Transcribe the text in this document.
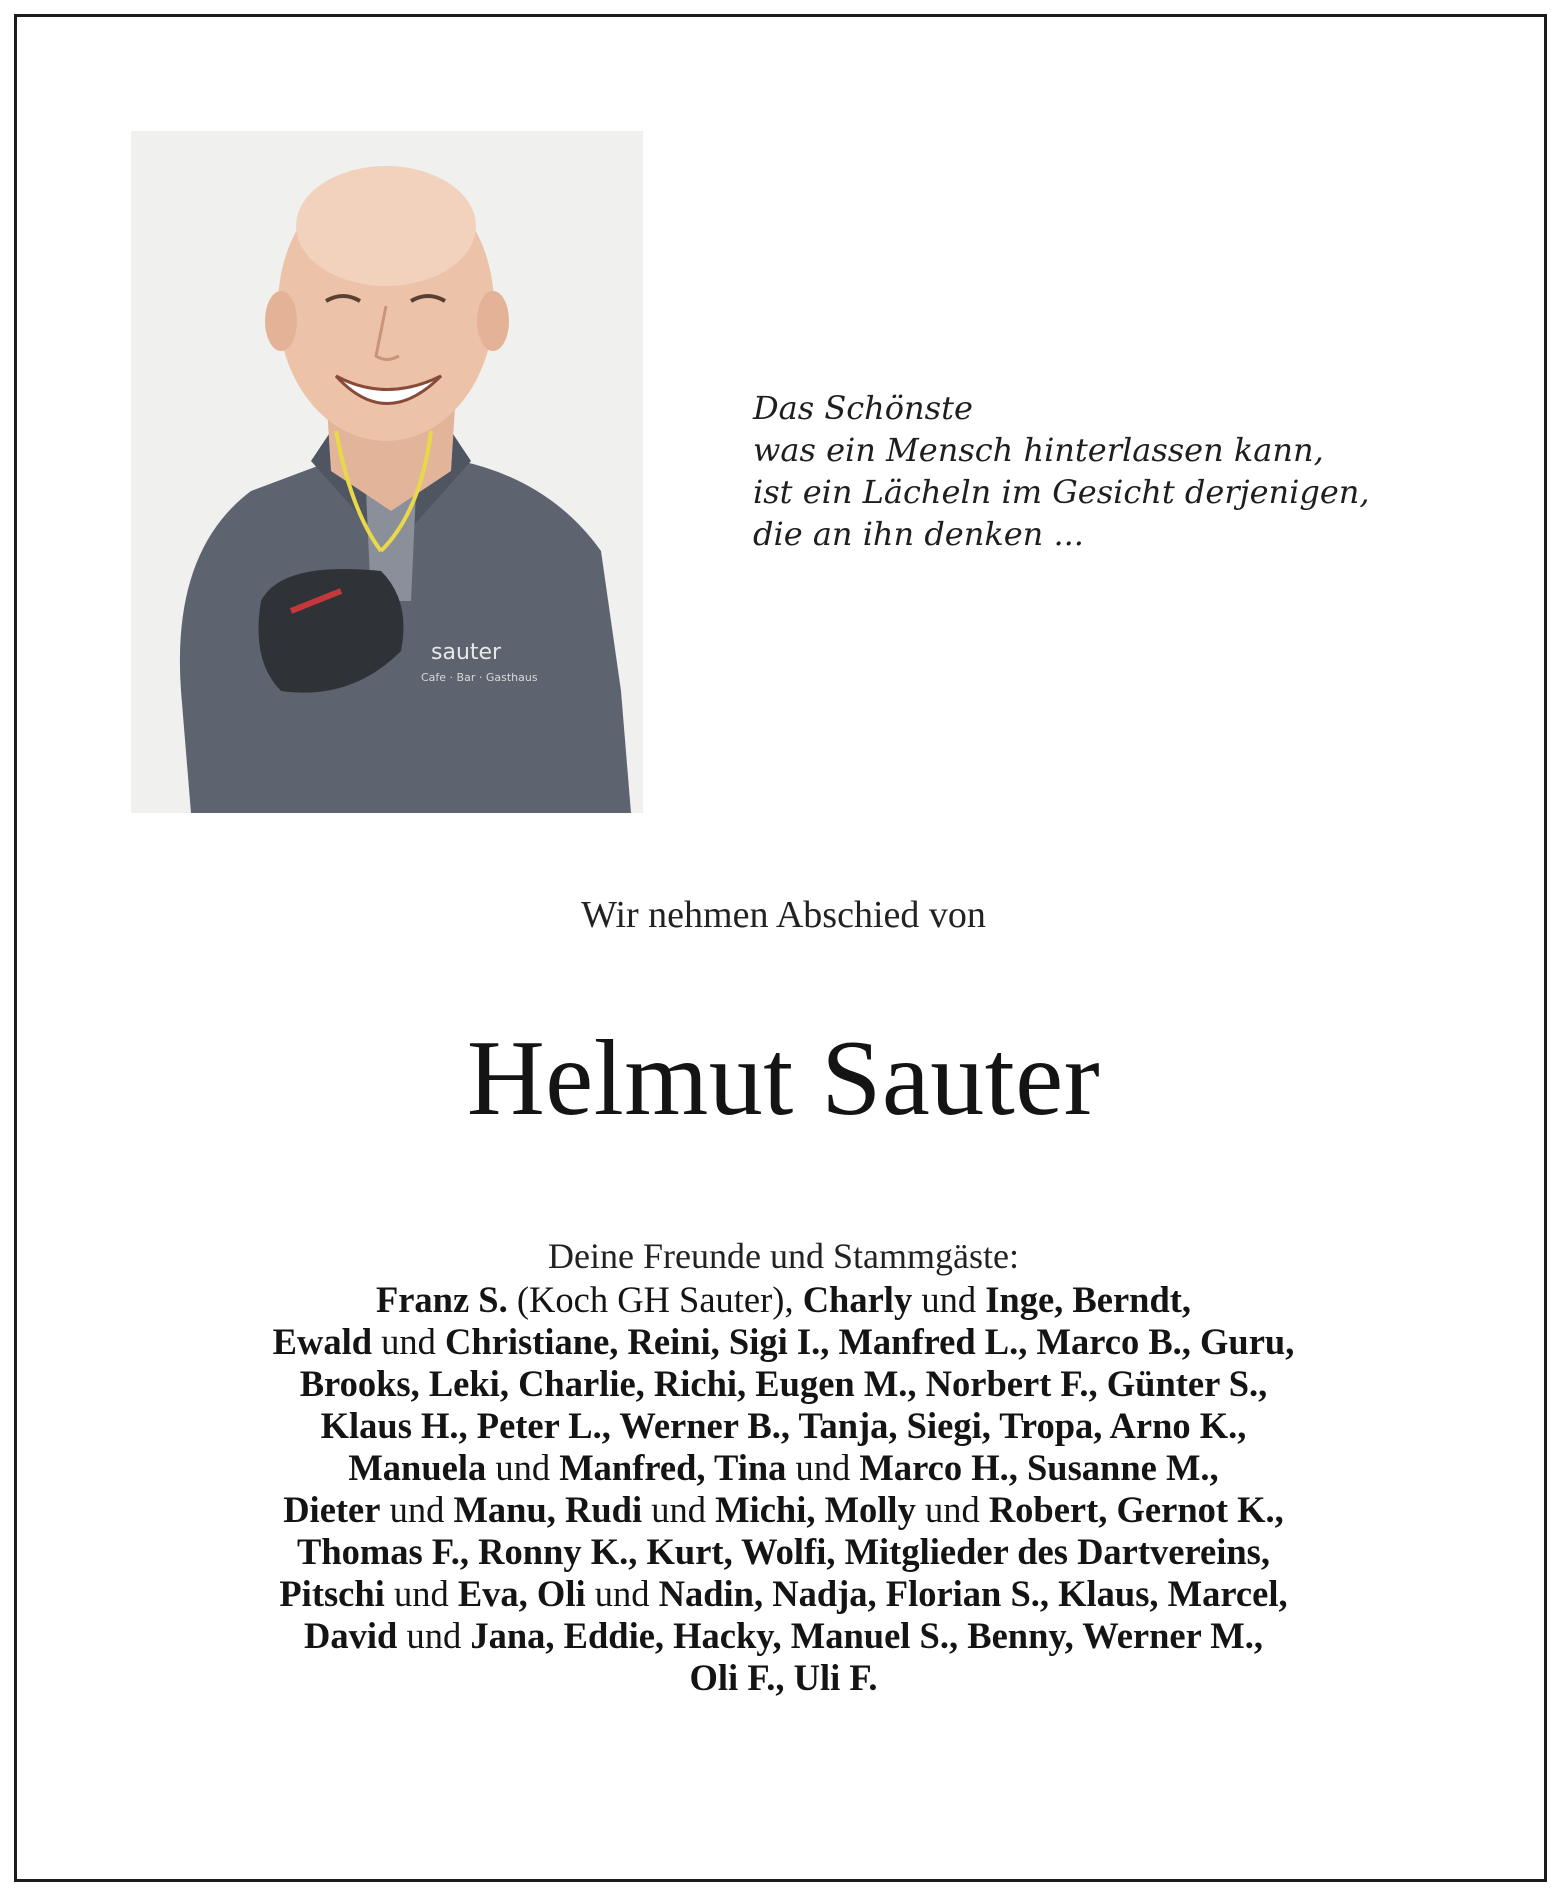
sauter
Cafe · Bar · Gasthaus
Das Schönste
was ein Mensch hinterlassen kann,
ist ein Lächeln im Gesicht derjenigen,
die an ihn denken ...
Wir nehmen Abschied von
Helmut Sauter
Deine Freunde und Stammgäste:
Franz S. (Koch GH Sauter), Charly und Inge, Berndt,
Ewald und Christiane, Reini, Sigi I., Manfred L., Marco B., Guru,
Brooks, Leki, Charlie, Richi, Eugen M., Norbert F., Günter S.,
Klaus H., Peter L., Werner B., Tanja, Siegi, Tropa, Arno K.,
Manuela und Manfred, Tina und Marco H., Susanne M.,
Dieter und Manu, Rudi und Michi, Molly und Robert, Gernot K.,
Thomas F., Ronny K., Kurt, Wolfi, Mitglieder des Dartvereins,
Pitschi und Eva, Oli und Nadin, Nadja, Florian S., Klaus, Marcel,
David und Jana, Eddie, Hacky, Manuel S., Benny, Werner M.,
Oli F., Uli F.
